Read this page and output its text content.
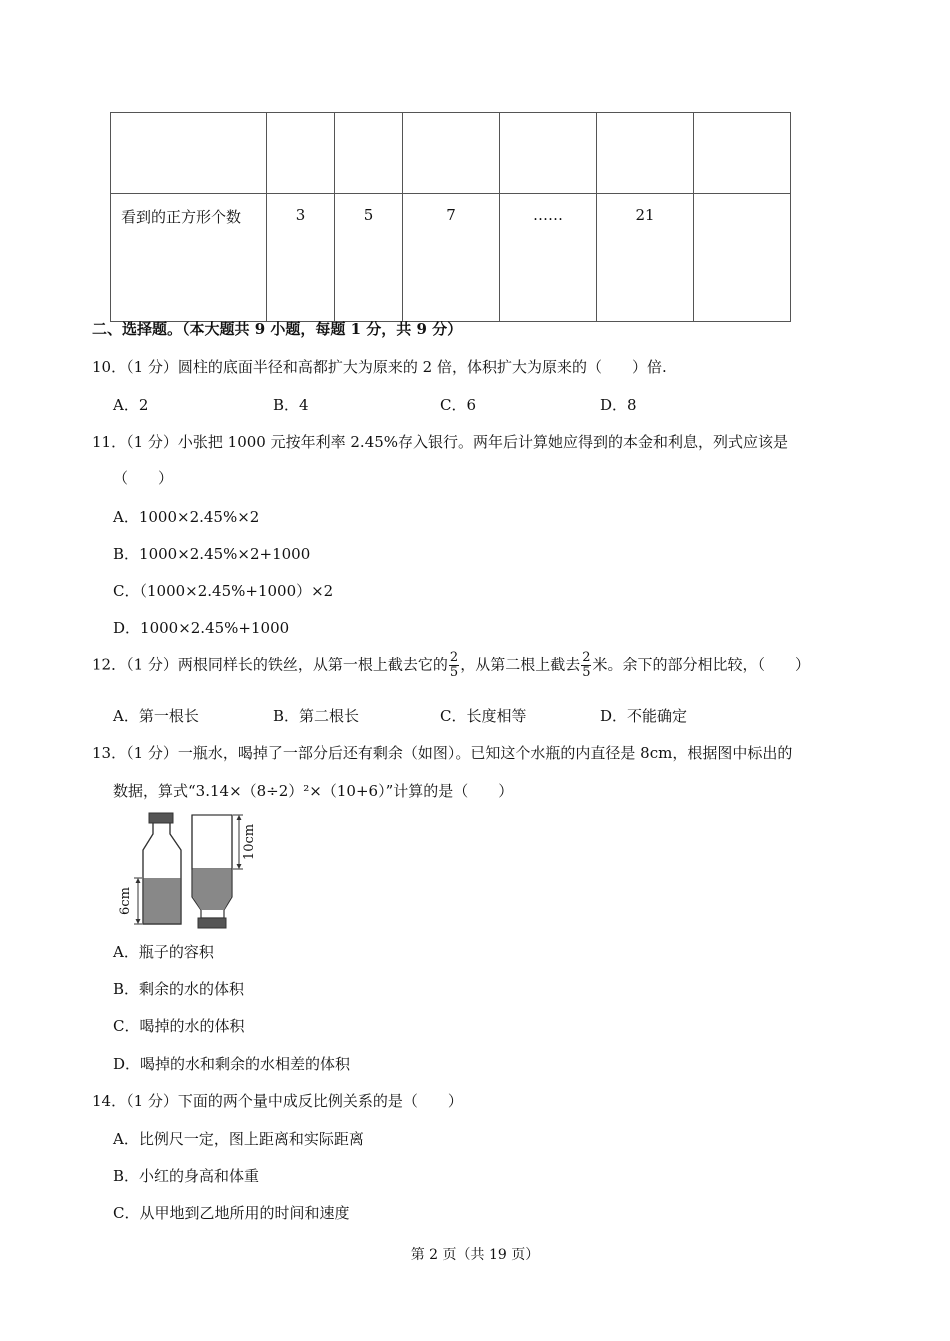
看到的正方形个数	3	5	7	……	21	
二、选择题。（本大题共 9 小题，每题 1 分，共 9 分）
10．（1 分）圆柱的底面半径和高都扩大为原来的 2 倍，体积扩大为原来的（　　）倍.
A．2	B．4	C．6	D．8
11．（1 分）小张把 1000 元按年利率 2.45%存入银行。两年后计算她应得到的本金和利息，列式应该是
（　　）
A．1000×2.45%×2
B．1000×2.45%×2+1000
C．（1000×2.45%+1000）×2
D．1000×2.45%+1000
12．（1 分）两根同样长的铁丝，从第一根上截去它的 $\frac{2}{5}$ ，从第二根上截去 $\frac{2}{5}$ 米。余下的部分相比较，（　　）
A．第一根长	B．第二根长	C．长度相等	D．不能确定
13．（1 分）一瓶水，喝掉了一部分后还有剩余（如图）。已知这个水瓶的内直径是 8cm，根据图中标出的
数据，算式“3.14×（8÷2）²×（10+6）”计算的是（　　）
6cm
10cm
A．瓶子的容积
B．剩余的水的体积
C．喝掉的水的体积
D．喝掉的水和剩余的水相差的体积
14．（1 分）下面的两个量中成反比例关系的是（　　）
A．比例尺一定，图上距离和实际距离
B．小红的身高和体重
C．从甲地到乙地所用的时间和速度
第 2 页（共 19 页）
